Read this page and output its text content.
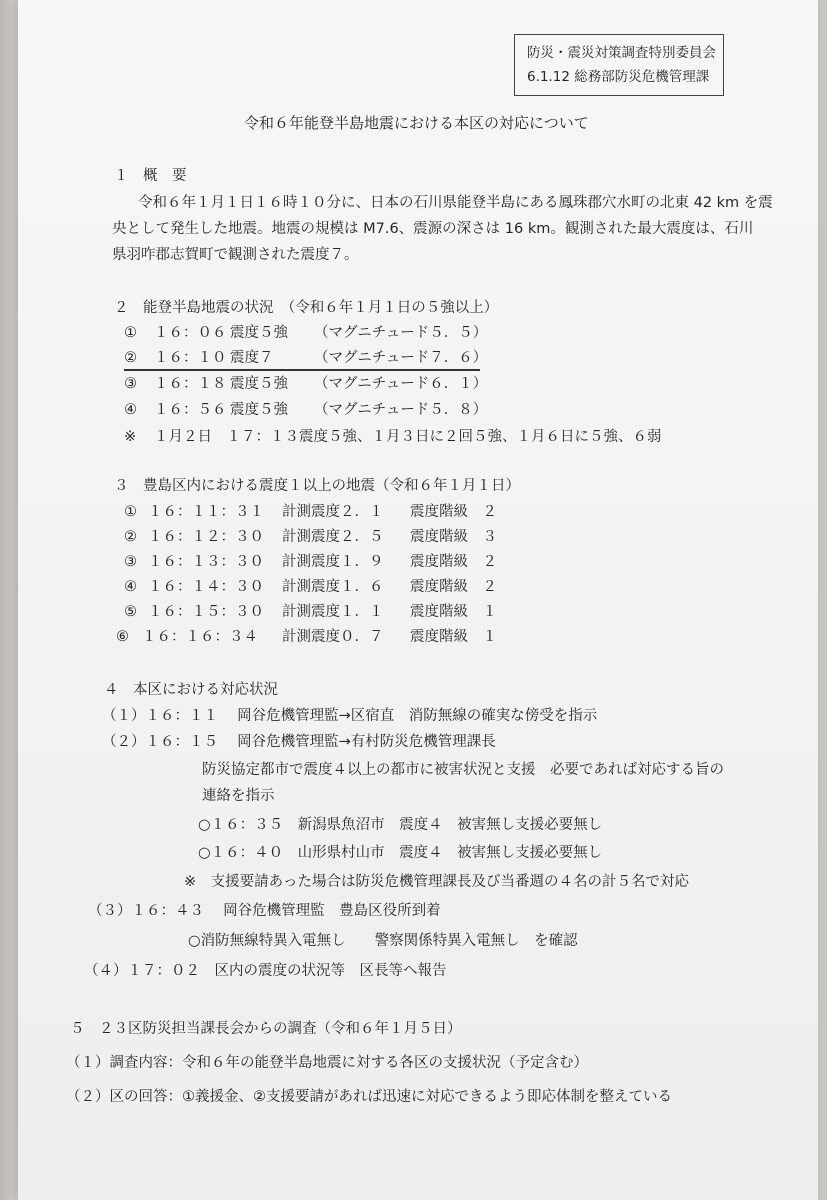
防災・震災対策調査特別委員会
6.1.12 総務部防災危機管理課
令和６年能登半島地震における本区の対応について
１　概　要
令和６年１月１日１６時１０分に、日本の石川県能登半島にある鳳珠郡穴水町の北東 42 km を震
央として発生した地震。地震の規模は M7.6、震源の深さは 16 km。観測された最大震度は、石川
県羽咋郡志賀町で観測された震度７。
２　能登半島地震の状況　（令和６年１月１日の５強以上）
① １６：０６ 震度５強 （マグニチュード５．５）
② １６：１０ 震度７	（マグニチュード７．６）
③ １６：１８ 震度５強 （マグニチュード６．１）
④ １６：５６ 震度５強 （マグニチュード５．８）
※ １月２日　１７：１３震度５強、１月３日に２回５強、１月６日に５強、６弱
３　豊島区内における震度１以上の地震（令和６年１月１日）
① １６：１１：３１ 計測震度２．１ 震度階級　２
② １６：１２：３０ 計測震度２．５ 震度階級　３
③ １６：１３：３０ 計測震度１．９ 震度階級　２
④ １６：１４：３０ 計測震度１．６ 震度階級　２
⑤ １６：１５：３０ 計測震度１．１ 震度階級　１
⑥ １６：１６：３４ 計測震度０．７ 震度階級　１
４　本区における対応状況
（１）１６：１１　 岡谷危機管理監→区宿直　消防無線の確実な傍受を指示
（２）１６：１５　 岡谷危機管理監→有村防災危機管理課長
防災協定都市で震度４以上の都市に被害状況と支援　必要であれば対応する旨の
連絡を指示
○１６：３５　新潟県魚沼市　震度４　被害無し支援必要無し
○１６：４０　山形県村山市　震度４　被害無し支援必要無し
※　支援要請あった場合は防災危機管理課長及び当番週の４名の計５名で対応
（３）１６：４３　 岡谷危機管理監　豊島区役所到着
○消防無線特異入電無し　　警察関係特異入電無し　を確認
（４）１７：０２　区内の震度の状況等　区長等へ報告
５　２３区防災担当課長会からの調査（令和６年１月５日）
（１）調査内容：令和６年の能登半島地震に対する各区の支援状況（予定含む）
（２）区の回答：①義援金、②支援要請があれば迅速に対応できるよう即応体制を整えている
